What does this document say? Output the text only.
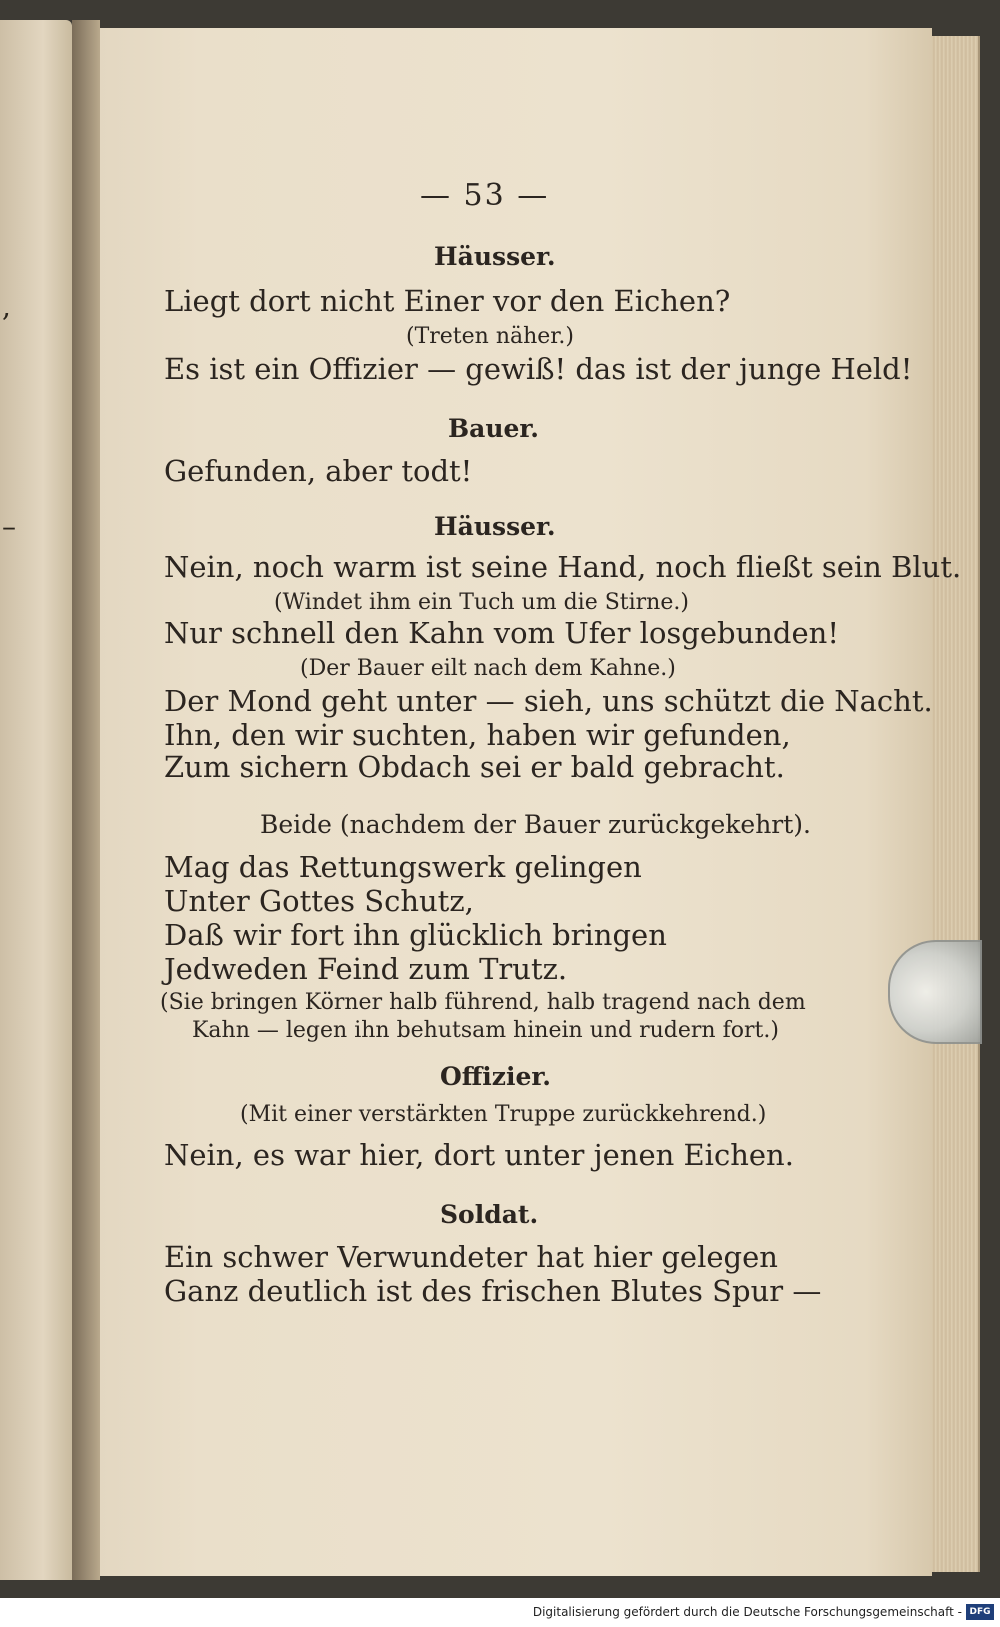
,
–
— 53 —
Häusser.
Liegt dort nicht Einer vor den Eichen?
(Treten näher.)
Es ist ein Offizier — gewiß! das ist der junge Held!
Bauer.
Gefunden, aber todt!
Häusser.
Nein, noch warm ist seine Hand, noch fließt sein Blut.
(Windet ihm ein Tuch um die Stirne.)
Nur schnell den Kahn vom Ufer losgebunden!
(Der Bauer eilt nach dem Kahne.)
Der Mond geht unter — sieh, uns schützt die Nacht.
Ihn, den wir suchten, haben wir gefunden,
Zum sichern Obdach sei er bald gebracht.
Beide (nachdem der Bauer zurückgekehrt).
Mag das Rettungswerk gelingen
Unter Gottes Schutz,
Daß wir fort ihn glücklich bringen
Jedweden Feind zum Trutz.
(Sie bringen Körner halb führend, halb tragend nach dem
Kahn — legen ihn behutsam hinein und rudern fort.)
Offizier.
(Mit einer verstärkten Truppe zurückkehrend.)
Nein, es war hier, dort unter jenen Eichen.
Soldat.
Ein schwer Verwundeter hat hier gelegen
Ganz deutlich ist des frischen Blutes Spur —
Digitalisierung gefördert durch die Deutsche Forschungsgemeinschaft - DFG
